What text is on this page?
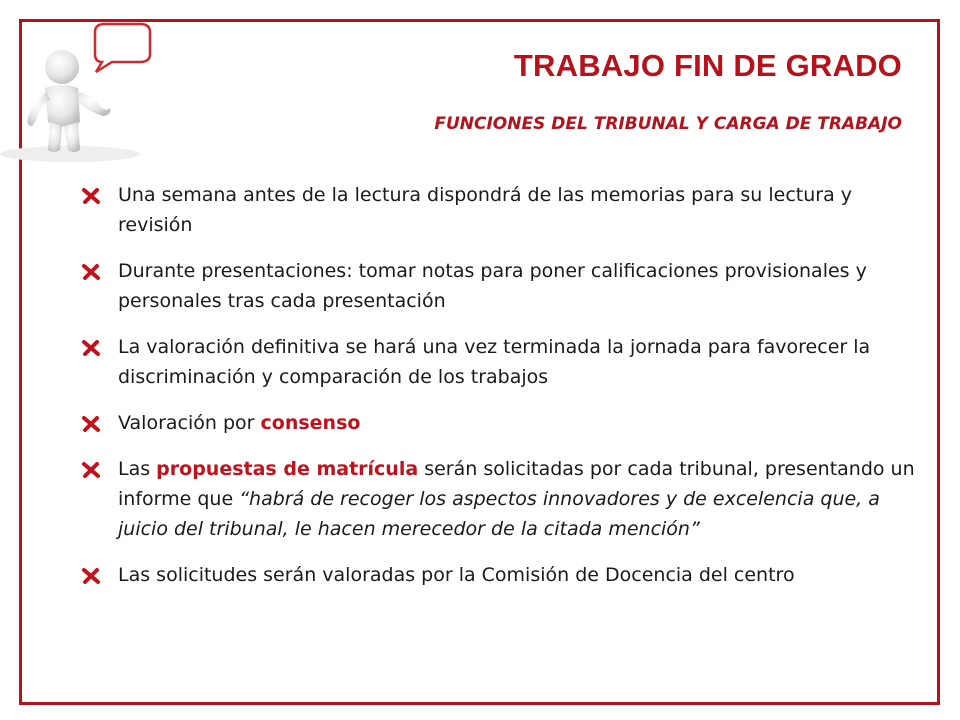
TRABAJO FIN DE GRADO
FUNCIONES DEL TRIBUNAL Y CARGA DE TRABAJO
Una semana antes de la lectura dispondrá de las memorias para su lectura y revisión
Durante presentaciones: tomar notas para poner calificaciones provisionales y personales tras cada presentación
La valoración definitiva se hará una vez terminada la jornada para favorecer la discriminación y comparación de los trabajos
Valoración por consenso
Las propuestas de matrícula serán solicitadas por cada tribunal, presentando un informe que “habrá de recoger los aspectos innovadores y de excelencia que, a juicio del tribunal, le hacen merecedor de la citada mención”
Las solicitudes serán valoradas por la Comisión de Docencia del centro
